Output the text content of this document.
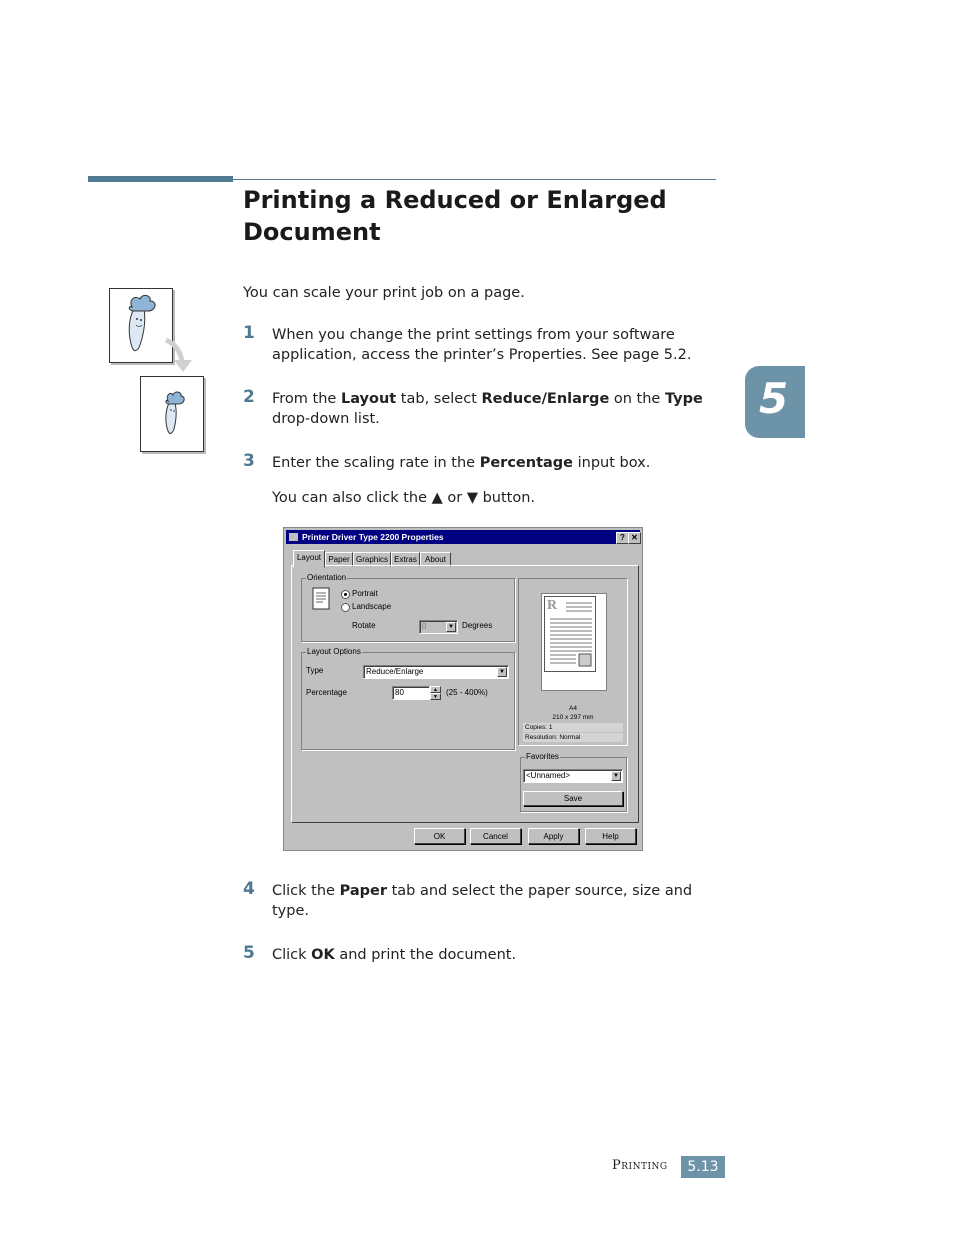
Printing a Reduced or Enlarged Document
5
You can scale your print job on a page.
1 When you change the print settings from your software application, access the printer’s Properties. See page 5.2.
2 From the Layout tab, select Reduce/Enlarge on the Type drop-down list.
3 Enter the scaling rate in the Percentage input box.
You can also click the ▲ or ▼ button.
4 Click the Paper tab and select the paper source, size and type.
5 Click OK and print the document.
Printer Driver Type 2200 Properties	? ✕
Layout Paper Graphics Extras	About
Orientation
Portrait
Landscape
Rotate	0	▼ Degrees
Layout Options
Type	Reduce/Enlarge	▼
Percentage	80	▲
▼	(25 - 400%)
R
A4
210 x 297 mm
Copies: 1
Resolution: Normal
Favorites
<Unnamed>	▼
Save
OK	Cancel	Apply	Help
Printing	5.13
